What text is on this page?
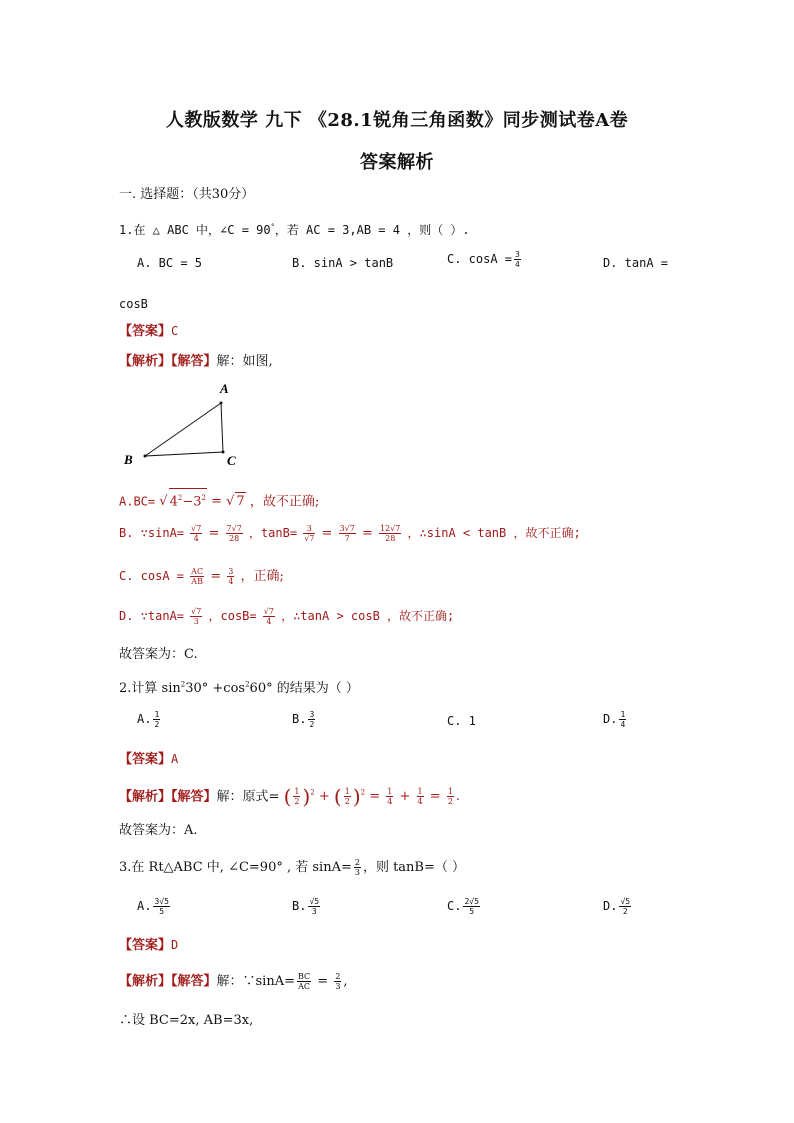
人教版数学 九下 《28.1锐角三角函数》同步测试卷A卷
答案解析
一. 选择题：（共30分）
1.在 △ ABC 中，∠C = 90°，若 AC = 3,AB = 4 ，则（ ）.
A. BC = 5	B. sinA > tanB	C. $\cos A = \frac{3}{4}$	D. tanA =
cosB
【答案】C
【解析】【解答】解：如图,
A
B	C
A.BC= √ $4^2-3^2$ = √ 7 ，故不正确;
B. ∵sinA= $\frac{√7}{4} = \frac{7√7}{28}$ ，$\tan B= \frac{3}{√7} = \frac{3√7}{7} = \frac{12√7}{28}$ ，∴sinA < tanB ，故不正确;
C. $\cos A = \frac{AC}{AB} = \frac{3}{4}$ ，正确;
D. ∵tanA= $\frac{√7}{3}$ ，$\cos B= \frac{√7}{4}$ ，∴tanA > cosB ，故不正确;
故答案为：C.
2.计算 $\sin^230^\circ +\cos^260^\circ$ 的结果为（ ）
A. $\frac{1}{2}$	B. $\frac{3}{2}$	C. 1	D. $\frac{1}{4}$
【答案】A
【解析】【解答】解：原式= ( $\frac{1}{2} )^2$ + ( $\frac{1}{2} )^2 = \frac{1}{4} + \frac{1}{4} = \frac{1}{2}$ .
故答案为：A.
3.在 Rt△ABC 中, ∠C=90° , 若 $\sin A= \frac{2}{3}$ ，则 tanB=（ ）
A. $\frac{3√5}{5}$	B. $\frac{√5}{3}$	C. $\frac{2√5}{5}$	D. $\frac{√5}{2}$
【答案】D
【解析】【解答】解：∵sinA= $\frac{BC}{AC} = \frac{2}{3}$ ,
∴设 BC=2x, AB=3x,
